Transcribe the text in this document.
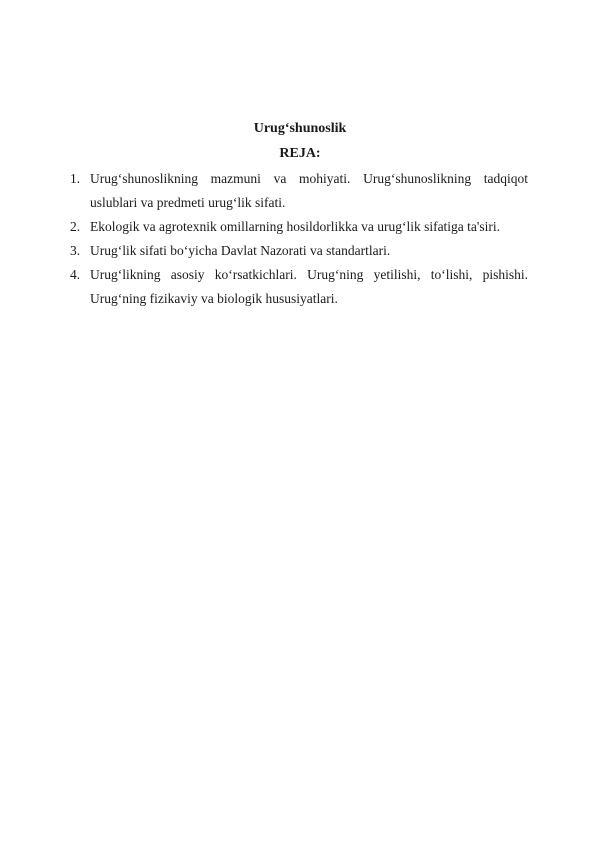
Urug‘shunoslik
REJA:
1. Urug‘shunoslikning mazmuni va mohiyati. Urug‘shunoslikning tadqiqot uslublari va predmeti urug‘lik sifati.
2. Ekologik va agrotexnik omillarning hosildorlikka va urug‘lik sifatiga ta'siri.
3. Urug‘lik sifati bo‘yicha Davlat Nazorati va standartlari.
4. Urug‘likning asosiy ko‘rsatkichlari. Urug‘ning yetilishi, to‘lishi, pishishi. Urug‘ning fizikaviy va biologik hususiyatlari.
